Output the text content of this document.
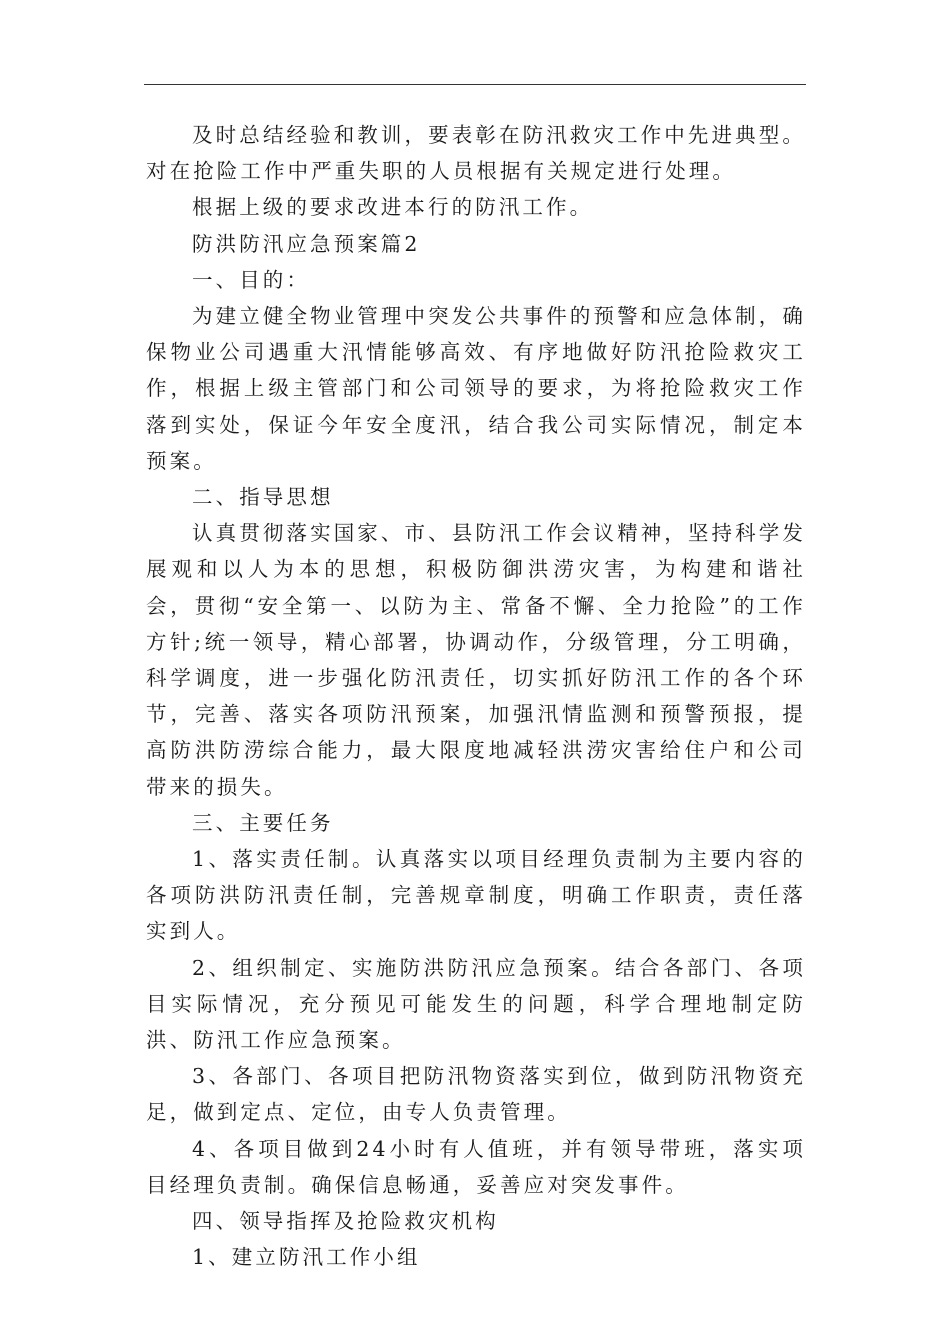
及时总结经验和教训，要表彰在防汛救灾工作中先进典型。对在抢险工作中严重失职的人员根据有关规定进行处理。

根据上级的要求改进本行的防汛工作。

防洪防汛应急预案篇2

一、目的：

为建立健全物业管理中突发公共事件的预警和应急体制，确保物业公司遇重大汛情能够高效、有序地做好防汛抢险救灾工作，根据上级主管部门和公司领导的要求，为将抢险救灾工作落到实处，保证今年安全度汛，结合我公司实际情况，制定本预案。

二、指导思想

认真贯彻落实国家、市、县防汛工作会议精神，坚持科学发展观和以人为本的思想，积极防御洪涝灾害，为构建和谐社会，贯彻“安全第一、以防为主、常备不懈、全力抢险”的工作方针;统一领导，精心部署，协调动作，分级管理，分工明确，科学调度，进一步强化防汛责任，切实抓好防汛工作的各个环节，完善、落实各项防汛预案，加强汛情监测和预警预报，提高防洪防涝综合能力，最大限度地减轻洪涝灾害给住户和公司带来的损失。

三、主要任务

1、落实责任制。认真落实以项目经理负责制为主要内容的各项防洪防汛责任制，完善规章制度，明确工作职责，责任落实到人。

2、组织制定、实施防洪防汛应急预案。结合各部门、各项目实际情况，充分预见可能发生的问题，科学合理地制定防洪、防汛工作应急预案。

3、各部门、各项目把防汛物资落实到位，做到防汛物资充足，做到定点、定位，由专人负责管理。

4、各项目做到24小时有人值班，并有领导带班，落实项目经理负责制。确保信息畅通，妥善应对突发事件。

四、领导指挥及抢险救灾机构

1、建立防汛工作小组
